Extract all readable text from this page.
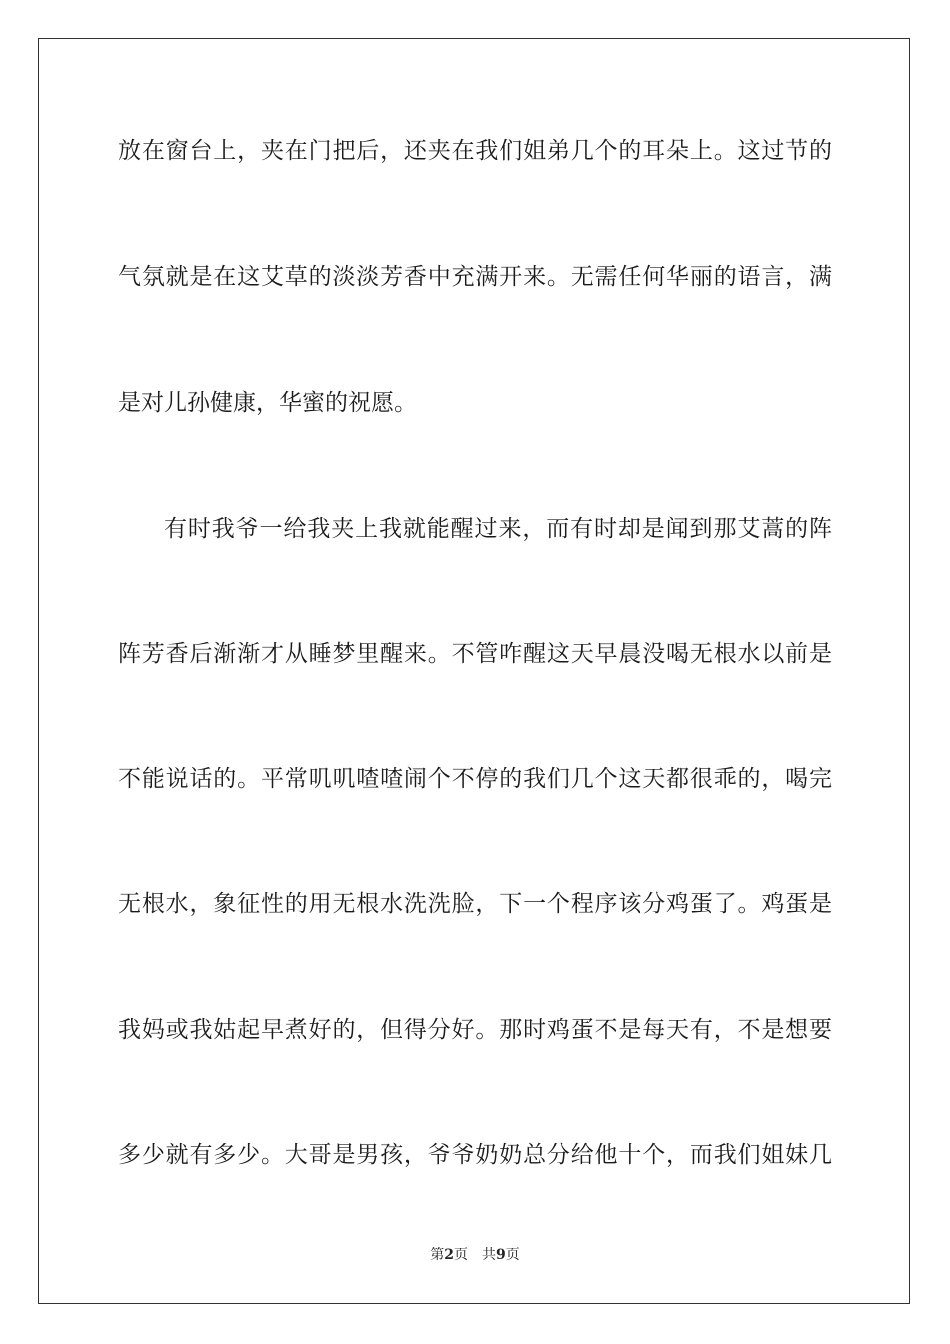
放在窗台上，夹在门把后，还夹在我们姐弟几个的耳朵上。这过节的
气氛就是在这艾草的淡淡芳香中充满开来。无需任何华丽的语言，满
是对儿孙健康，华蜜的祝愿。
有时我爷一给我夹上我就能醒过来，而有时却是闻到那艾蒿的阵
阵芳香后渐渐才从睡梦里醒来。不管咋醒这天早晨没喝无根水以前是
不能说话的。平常叽叽喳喳闹个不停的我们几个这天都很乖的，喝完
无根水，象征性的用无根水洗洗脸，下一个程序该分鸡蛋了。鸡蛋是
我妈或我姑起早煮好的，但得分好。那时鸡蛋不是每天有，不是想要
多少就有多少。大哥是男孩，爷爷奶奶总分给他十个，而我们姐妹几
第2页 共9页
